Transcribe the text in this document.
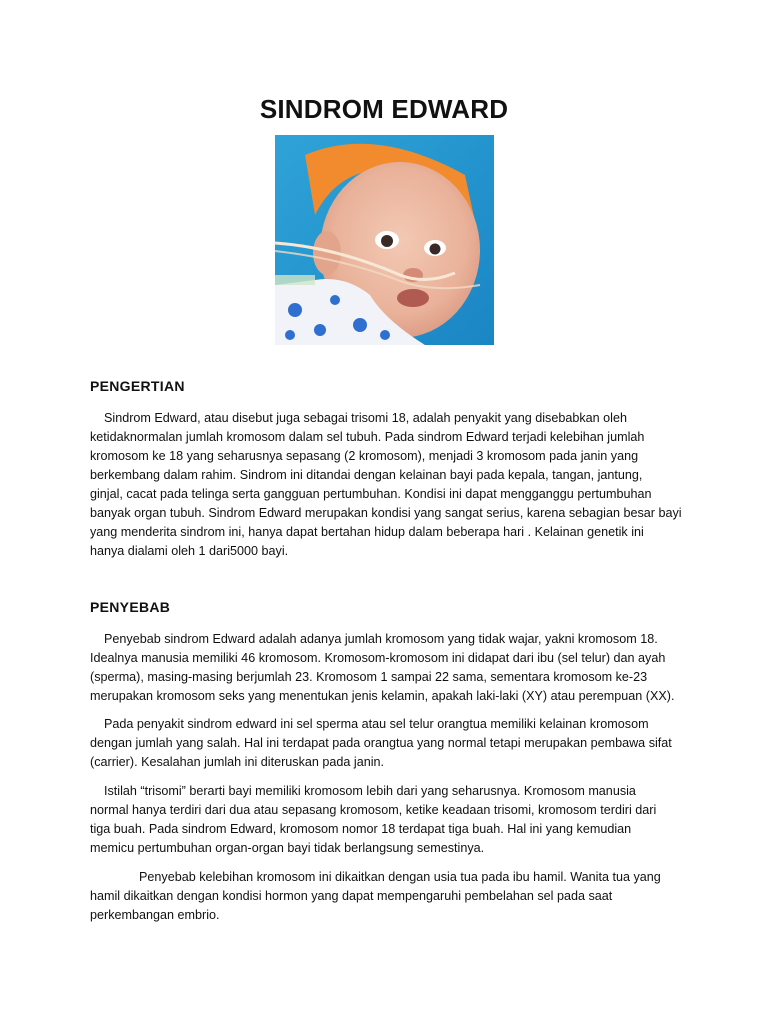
SINDROM EDWARD
PENGERTIAN

Sindrom Edward, atau disebut juga sebagai trisomi 18, adalah penyakit yang disebabkan oleh
ketidaknormalan jumlah kromosom dalam sel tubuh. Pada sindrom Edward terjadi kelebihan jumlah
kromosom ke 18 yang seharusnya sepasang (2 kromosom), menjadi 3 kromosom pada janin yang
berkembang dalam rahim. Sindrom ini ditandai dengan kelainan bayi pada kepala, tangan, jantung,
ginjal, cacat pada telinga serta gangguan pertumbuhan. Kondisi ini dapat mengganggu pertumbuhan
banyak organ tubuh. Sindrom Edward merupakan kondisi yang sangat serius, karena sebagian besar bayi
yang menderita sindrom ini, hanya dapat bertahan hidup dalam beberapa hari . Kelainan genetik ini
hanya dialami oleh 1 dari5000 bayi.

PENYEBAB

Penyebab sindrom Edward adalah adanya jumlah kromosom yang tidak wajar, yakni kromosom 18.
Idealnya manusia memiliki 46 kromosom. Kromosom-kromosom ini didapat dari ibu (sel telur) dan ayah
(sperma), masing-masing berjumlah 23. Kromosom 1 sampai 22 sama, sementara kromosom ke-23
merupakan kromosom seks yang menentukan jenis kelamin, apakah laki-laki (XY) atau perempuan (XX).

Pada penyakit sindrom edward ini sel sperma atau sel telur orangtua memiliki kelainan kromosom
dengan jumlah yang salah. Hal ini terdapat pada orangtua yang normal tetapi merupakan pembawa sifat
(carrier). Kesalahan jumlah ini diteruskan pada janin.

Istilah “trisomi” berarti bayi memiliki kromosom lebih dari yang seharusnya. Kromosom manusia
normal hanya terdiri dari dua atau sepasang kromosom, ketike keadaan trisomi, kromosom terdiri dari
tiga buah. Pada sindrom Edward, kromosom nomor 18 terdapat tiga buah. Hal ini yang kemudian
memicu pertumbuhan organ-organ bayi tidak berlangsung semestinya.

Penyebab kelebihan kromosom ini dikaitkan dengan usia tua pada ibu hamil. Wanita tua yang
hamil dikaitkan dengan kondisi hormon yang dapat mempengaruhi pembelahan sel pada saat
perkembangan embrio.
